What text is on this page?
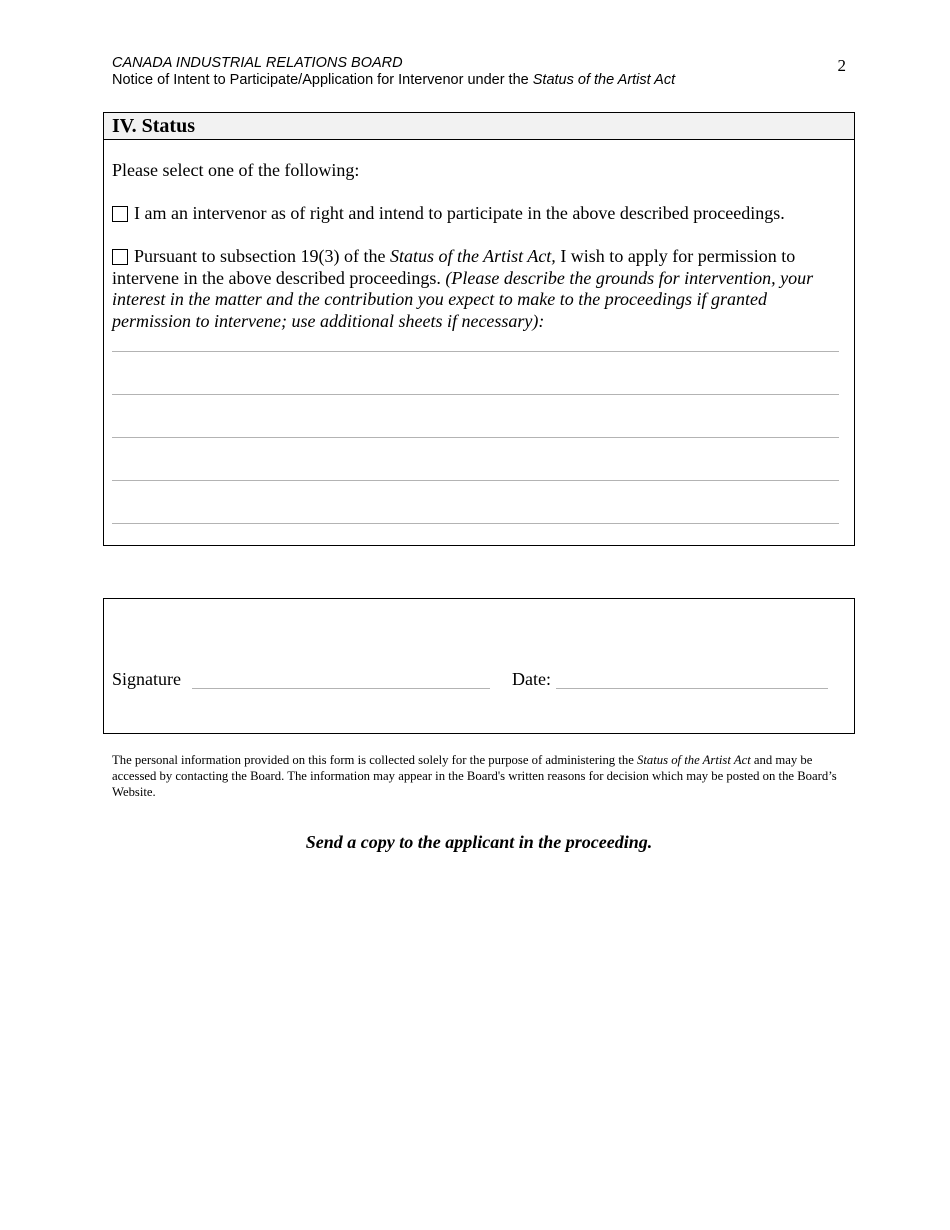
CANADA INDUSTRIAL RELATIONS BOARD
Notice of Intent to Participate/Application for Intervenor under the Status of the Artist Act
2
IV. Status
Please select one of the following:
I am an intervenor as of right and intend to participate in the above described proceedings.
Pursuant to subsection 19(3) of the Status of the Artist Act, I wish to apply for permission to intervene in the above described proceedings. (Please describe the grounds for intervention, your interest in the matter and the contribution you expect to make to the proceedings if granted permission to intervene; use additional sheets if necessary):
Signature	Date:
The personal information provided on this form is collected solely for the purpose of administering the Status of the Artist Act and may be accessed by contacting the Board. The information may appear in the Board's written reasons for decision which may be posted on the Board’s Website.
Send a copy to the applicant in the proceeding.
